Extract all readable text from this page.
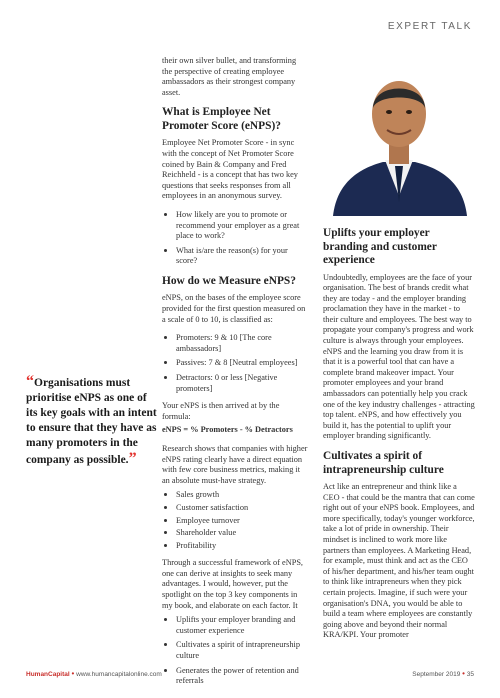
EXPERT TALK

their own silver bullet, and transforming the perspective of creating employee ambassadors as their strongest company asset.

What is Employee Net Promoter Score (eNPS)?

Employee Net Promoter Score - in sync with the concept of Net Promoter Score coined by Bain & Company and Fred Reichheld - is a concept that has two key questions that seeks responses from all employees in an anonymous survey.

• How likely are you to promote or recommend your employer as a great place to work?
• What is/are the reason(s) for your score?
How do we Measure eNPS?

eNPS, on the bases of the employee score provided for the first question measured on a scale of 0 to 10, is classified as:

• Promoters: 9 & 10 [The core ambassadors]
• Passives: 7 & 8 [Neutral employees]
• Detractors: 0 or less [Negative promoters]

Your eNPS is then arrived at by the formula:

eNPS = % Promoters - % Detractors

Research shows that companies with higher eNPS rating clearly have a direct equation with few core business metrics, making it an absolute must-have strategy.

• Sales growth
• Customer satisfaction
• Employee turnover
• Shareholder value
• Profitability

Through a successful framework of eNPS, one can derive at insights to seek many advantages. I would, however, put the spotlight on the top 3 key components in my book, and elaborate on each factor. It

• Uplifts your employer branding and customer experience
• Cultivates a spirit of intrapreneurship culture
• Generates the power of retention and referrals
Uplifts your employer branding and customer experience

Undoubtedly, employees are the face of your organisation. The best of brands credit what they are today - and the employer branding proclamation they have in the market - to their culture and employees. The best way to propagate your company's progress and work culture is always through your employees. eNPS and the learning you draw from it is that it is a powerful tool that can have a complete brand makeover impact. Your promoter employees and your brand ambassadors can potentially help you crack one of the key industry challenges - attracting top talent. eNPS, and how effectively you build it, has the potential to uplift your employer branding significantly.

Cultivates a spirit of intrapreneurship culture

Act like an entrepreneur and think like a CEO - that could be the mantra that can come right out of your eNPS book. Employees, and more specifically, today's younger workforce, take a lot of pride in ownership. Their mindset is inclined to work more like partners than employees. A Marketing Head, for example, must think and act as the CEO of his/her department, and his/her team ought to think like intrapreneurs when they pick certain projects. Imagine, if such were your organisation's DNA, you would be able to build a team where employees are constantly going above and beyond their normal KRA/KPI. Your promoter

“Organisations must prioritise eNPS as one of its key goals with an intent to ensure that they have as many promoters in the company as possible.”
HumanCapital • www.humancapitalonline.com	September 2019 • 35
